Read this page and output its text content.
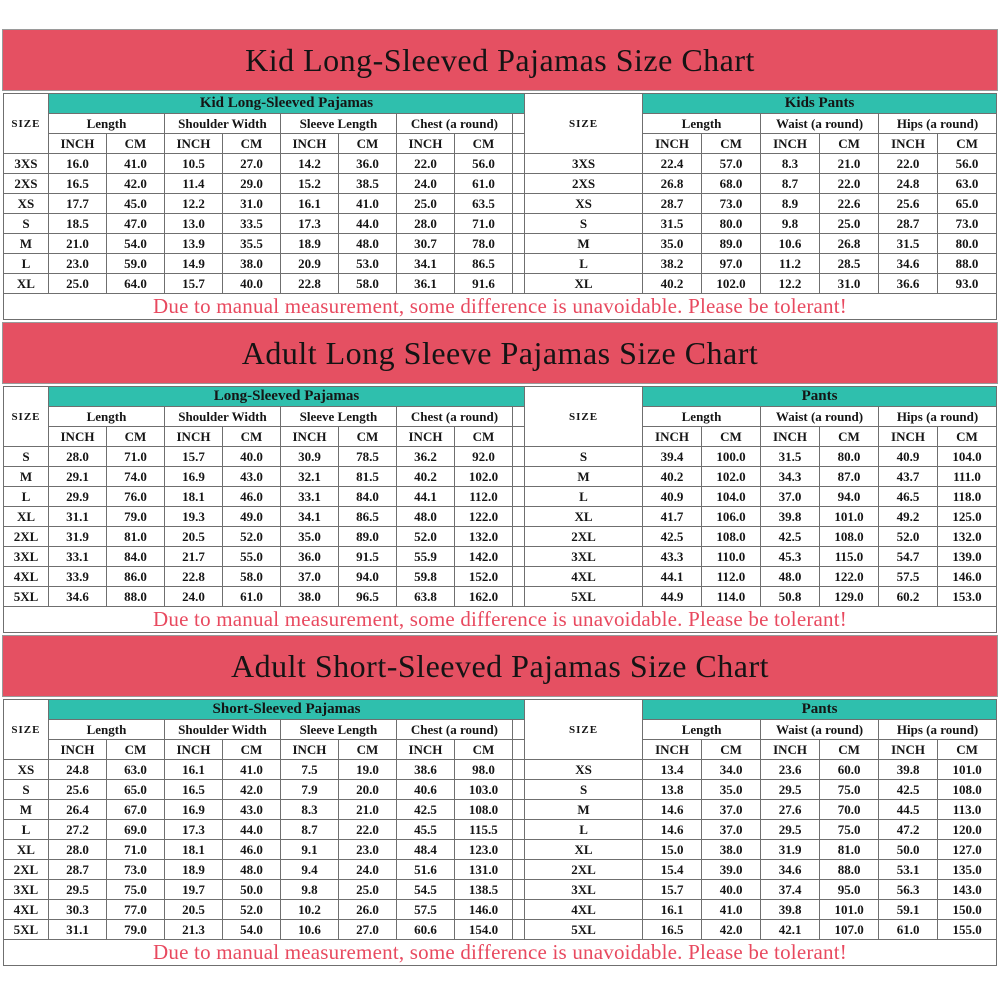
Kid Long-Sleeved Pajamas Size Chart
SIZE	Kid Long-Sleeved Pajamas									SIZE	Kids Pants					
	Length		Shoulder Width		Sleeve Length		Chest (a round)				Length		Waist (a round)		Hips (a round)	
	INCH	CM	INCH	CM	INCH	CM	INCH	CM			INCH	CM	INCH	CM	INCH	CM
3XS	16.0	41.0	10.5	27.0	14.2	36.0	22.0	56.0		3XS	22.4	57.0	8.3	21.0	22.0	56.0
2XS	16.5	42.0	11.4	29.0	15.2	38.5	24.0	61.0		2XS	26.8	68.0	8.7	22.0	24.8	63.0
XS	17.7	45.0	12.2	31.0	16.1	41.0	25.0	63.5		XS	28.7	73.0	8.9	22.6	25.6	65.0
S	18.5	47.0	13.0	33.5	17.3	44.0	28.0	71.0		S	31.5	80.0	9.8	25.0	28.7	73.0
M	21.0	54.0	13.9	35.5	18.9	48.0	30.7	78.0		M	35.0	89.0	10.6	26.8	31.5	80.0
L	23.0	59.0	14.9	38.0	20.9	53.0	34.1	86.5		L	38.2	97.0	11.2	28.5	34.6	88.0
XL	25.0	64.0	15.7	40.0	22.8	58.0	36.1	91.6		XL	40.2	102.0	12.2	31.0	36.6	93.0
Due to manual measurement, some difference is unavoidable. Please be tolerant!																
Adult Long Sleeve Pajamas Size Chart
SIZE	Long-Sleeved Pajamas									SIZE	Pants					
	Length		Shoulder Width		Sleeve Length		Chest (a round)				Length		Waist (a round)		Hips (a round)	
	INCH	CM	INCH	CM	INCH	CM	INCH	CM			INCH	CM	INCH	CM	INCH	CM
S	28.0	71.0	15.7	40.0	30.9	78.5	36.2	92.0		S	39.4	100.0	31.5	80.0	40.9	104.0
M	29.1	74.0	16.9	43.0	32.1	81.5	40.2	102.0		M	40.2	102.0	34.3	87.0	43.7	111.0
L	29.9	76.0	18.1	46.0	33.1	84.0	44.1	112.0		L	40.9	104.0	37.0	94.0	46.5	118.0
XL	31.1	79.0	19.3	49.0	34.1	86.5	48.0	122.0		XL	41.7	106.0	39.8	101.0	49.2	125.0
2XL	31.9	81.0	20.5	52.0	35.0	89.0	52.0	132.0		2XL	42.5	108.0	42.5	108.0	52.0	132.0
3XL	33.1	84.0	21.7	55.0	36.0	91.5	55.9	142.0		3XL	43.3	110.0	45.3	115.0	54.7	139.0
4XL	33.9	86.0	22.8	58.0	37.0	94.0	59.8	152.0		4XL	44.1	112.0	48.0	122.0	57.5	146.0
5XL	34.6	88.0	24.0	61.0	38.0	96.5	63.8	162.0		5XL	44.9	114.0	50.8	129.0	60.2	153.0
Due to manual measurement, some difference is unavoidable. Please be tolerant!																
Adult Short-Sleeved Pajamas Size Chart
SIZE	Short-Sleeved Pajamas									SIZE	Pants					
	Length		Shoulder Width		Sleeve Length		Chest (a round)				Length		Waist (a round)		Hips (a round)	
	INCH	CM	INCH	CM	INCH	CM	INCH	CM			INCH	CM	INCH	CM	INCH	CM
XS	24.8	63.0	16.1	41.0	7.5	19.0	38.6	98.0		XS	13.4	34.0	23.6	60.0	39.8	101.0
S	25.6	65.0	16.5	42.0	7.9	20.0	40.6	103.0		S	13.8	35.0	29.5	75.0	42.5	108.0
M	26.4	67.0	16.9	43.0	8.3	21.0	42.5	108.0		M	14.6	37.0	27.6	70.0	44.5	113.0
L	27.2	69.0	17.3	44.0	8.7	22.0	45.5	115.5		L	14.6	37.0	29.5	75.0	47.2	120.0
XL	28.0	71.0	18.1	46.0	9.1	23.0	48.4	123.0		XL	15.0	38.0	31.9	81.0	50.0	127.0
2XL	28.7	73.0	18.9	48.0	9.4	24.0	51.6	131.0		2XL	15.4	39.0	34.6	88.0	53.1	135.0
3XL	29.5	75.0	19.7	50.0	9.8	25.0	54.5	138.5		3XL	15.7	40.0	37.4	95.0	56.3	143.0
4XL	30.3	77.0	20.5	52.0	10.2	26.0	57.5	146.0		4XL	16.1	41.0	39.8	101.0	59.1	150.0
5XL	31.1	79.0	21.3	54.0	10.6	27.0	60.6	154.0		5XL	16.5	42.0	42.1	107.0	61.0	155.0
Due to manual measurement, some difference is unavoidable. Please be tolerant!																
